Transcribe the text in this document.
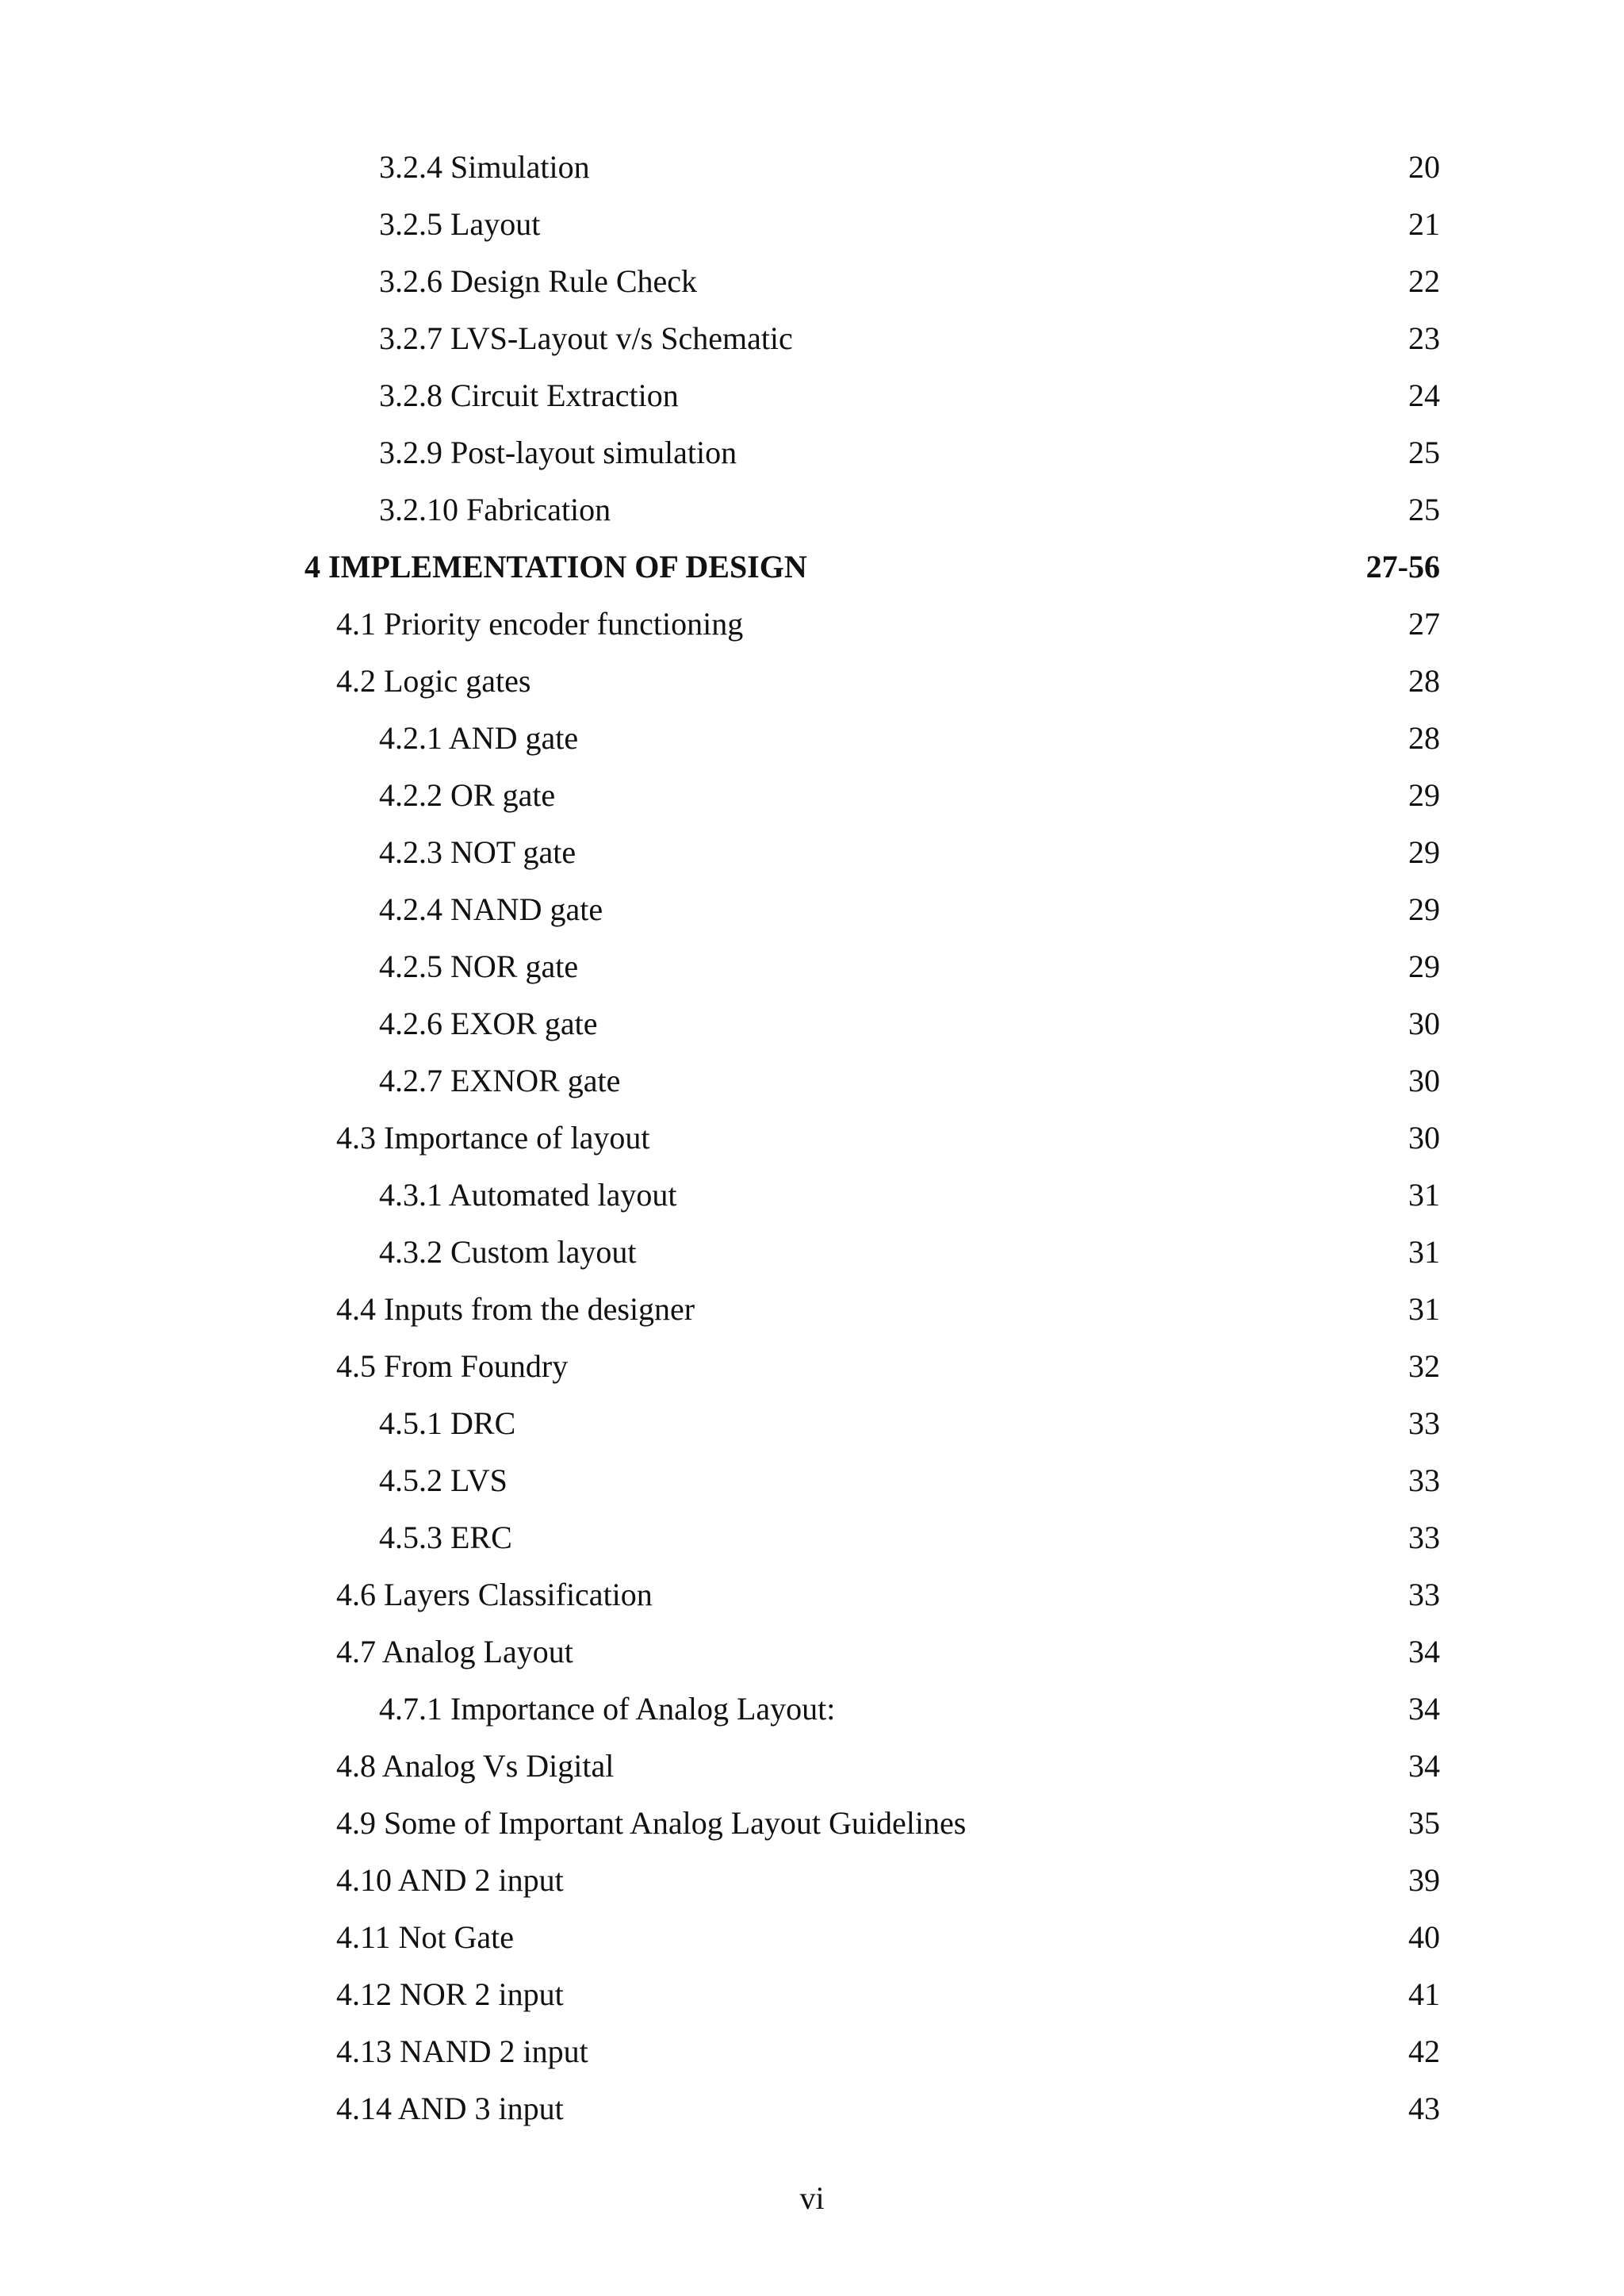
3.2.4 Simulation	20
3.2.5 Layout	21
3.2.6 Design Rule Check	22
3.2.7 LVS-Layout v/s Schematic	23
3.2.8 Circuit Extraction	24
3.2.9 Post-layout simulation	25
3.2.10 Fabrication	25
4 IMPLEMENTATION OF DESIGN	27-56
4.1 Priority encoder functioning	27
4.2 Logic gates	28
4.2.1 AND gate	28
4.2.2 OR gate	29
4.2.3 NOT gate	29
4.2.4 NAND gate	29
4.2.5 NOR gate	29
4.2.6 EXOR gate	30
4.2.7 EXNOR gate	30
4.3 Importance of layout	30
4.3.1 Automated layout	31
4.3.2 Custom layout	31
4.4 Inputs from the designer	31
4.5 From Foundry	32
4.5.1 DRC	33
4.5.2 LVS	33
4.5.3 ERC	33
4.6 Layers Classification	33
4.7 Analog Layout	34
4.7.1 Importance of Analog Layout:	34
4.8 Analog Vs Digital	34
4.9 Some of Important Analog Layout Guidelines	35
4.10 AND 2 input	39
4.11 Not Gate	40
4.12 NOR 2 input	41
4.13 NAND 2 input	42
4.14 AND 3 input	43
vi
